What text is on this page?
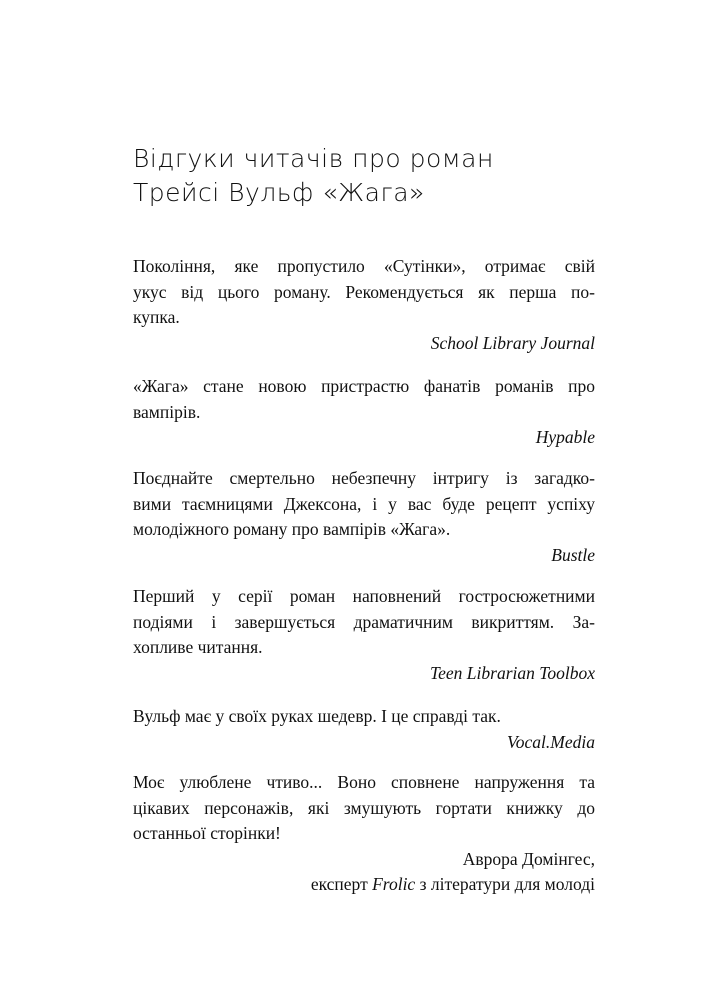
Відгуки читачів про роман
Трейсі Вульф «Жага»
Покоління, яке пропустило «Сутінки», отримає свій
укус від цього роману. Рекомендується як перша по-
купка.

School Library Journal

«Жага» стане новою пристрастю фанатів романів про
вампірів.

Hypable

Поєднайте смертельно небезпечну інтригу із загадко-
вими таємницями Джексона, і у вас буде рецепт успіху
молодіжного роману про вампірів «Жага».

Bustle

Перший у серії роман наповнений гостросюжетними
подіями і завершується драматичним викриттям. За-
хопливе читання.

Teen Librarian Toolbox

Вульф має у своїх руках шедевр. І це справді так.

Vocal.Media

Моє улюблене чтиво... Воно сповнене напруження та
цікавих персонажів, які змушують гортати книжку до
останньої сторінки!

Аврора Домінгес,

експерт Frolic з літератури для молоді
